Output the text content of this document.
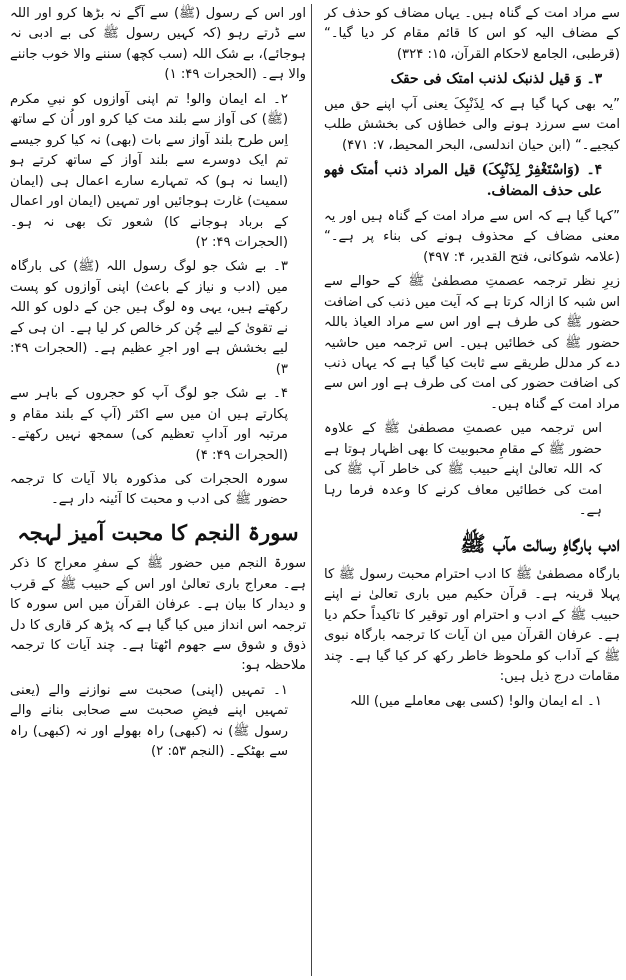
سے مراد امت کے گناہ ہیں۔ یہاں مضاف کو حذف کر کے مضاف الیہ کو اس کا قائم مقام کر دیا گیا۔“ (قرطبی، الجامع لاحکام القرآن، ۱۵: ۳۲۴)

۳۔ وَ قیل لذنبک لذنب امتک فی حقک

”یہ بھی کہا گیا ہے کہ لِذَنْبِکَ یعنی آپ اپنے حق میں امت سے سرزد ہونے والی خطاؤں کی بخشش طلب کیجیے۔“ (ابن حیان اندلسی، البحر المحیط، ۷: ۴۷۱)

۴۔ (وَاسْتَغْفِرْ لِذَنْبِکَ) قیل المراد ذنب أمتک فھو علی حذف المضاف.

”کہا گیا ہے کہ اس سے مراد امت کے گناہ ہیں اور یہ معنی مضاف کے محذوف ہونے کی بناء پر ہے۔“ (علامہ شوکانی، فتح القدیر، ۴: ۴۹۷)

زیرِ نظر ترجمہ عصمتِ مصطفیٰ ﷺ کے حوالے سے اس شبہ کا ازالہ کرتا ہے کہ آیت میں ذنب کی اضافت حضور ﷺ کی طرف ہے اور اس سے مراد العیاذ باللہ حضور ﷺ کی خطائیں ہیں۔ اس ترجمہ میں حاشیہ دے کر مدلل طریقے سے ثابت کیا گیا ہے کہ یہاں ذنب کی اضافت حضور کی امت کی طرف ہے اور اس سے مراد امت کے گناہ ہیں۔

اس ترجمہ میں عصمتِ مصطفیٰ ﷺ کے علاوہ حضور ﷺ کے مقامِ محبوبیت کا بھی اظہار ہوتا ہے کہ اللہ تعالیٰ اپنے حبیب ﷺ کی خاطر آپ ﷺ کی امت کی خطائیں معاف کرنے کا وعدہ فرما رہا ہے۔

ادب بارگاہِ رسالت مآب ﷺ

بارگاہ مصطفیٰ ﷺ کا ادب احترام محبت رسول ﷺ کا پہلا قرینہ ہے۔ قرآن حکیم میں باری تعالیٰ نے اپنے حبیب ﷺ کے ادب و احترام اور توقیر کا تاکیداً حکم دیا ہے۔ عرفان القرآن میں ان آیات کا ترجمہ بارگاہ نبوی ﷺ کے آداب کو ملحوظ خاطر رکھ کر کیا گیا ہے۔ چند مقامات درج ذیل ہیں:

۱۔ اے ایمان والو! (کسی بھی معاملے میں) اللہ

اور اس کے رسول (ﷺ) سے آگے نہ بڑھا کرو اور اللہ سے ڈرتے رہو (کہ کہیں رسول ﷺ کی بے ادبی نہ ہوجائے)، بے شک اللہ (سب کچھ) سننے والا خوب جاننے والا ہے۔ (الحجرات ۴۹: ۱)

۲۔ اے ایمان والو! تم اپنی آوازوں کو نبیِ مکرم (ﷺ) کی آواز سے بلند مت کیا کرو اور اُن کے ساتھ اِس طرح بلند آواز سے بات (بھی) نہ کیا کرو جیسے تم ایک دوسرے سے بلند آواز کے ساتھ کرتے ہو (ایسا نہ ہو) کہ تمہارے سارے اعمال ہی (ایمان سمیت) غارت ہوجائیں اور تمہیں (ایمان اور اعمال کے برباد ہوجانے کا) شعور تک بھی نہ ہو۔ (الحجرات ۴۹: ۲)

۳۔ بے شک جو لوگ رسول اللہ (ﷺ) کی بارگاہ میں (ادب و نیاز کے باعث) اپنی آوازوں کو پست رکھتے ہیں، یہی وہ لوگ ہیں جن کے دلوں کو اللہ نے تقویٰ کے لیے چُن کر خالص کر لیا ہے۔ ان ہی کے لیے بخشش ہے اور اجرِ عظیم ہے۔ (الحجرات ۴۹: ۳)

۴۔ بے شک جو لوگ آپ کو حجروں کے باہر سے پکارتے ہیں ان میں سے اکثر (آپ کے بلند مقام و مرتبہ اور آدابِ تعظیم کی) سمجھ نہیں رکھتے۔ (الحجرات ۴۹: ۴)

سورہ الحجرات کی مذکورہ بالا آیات کا ترجمہ حضور ﷺ کی ادب و محبت کا آئینہ دار ہے۔

سورۃ النجم کا محبت آمیز لہجہ

سورۃ النجم میں حضور ﷺ کے سفرِ معراج کا ذکر ہے۔ معراج باری تعالیٰ اور اس کے حبیب ﷺ کے قرب و دیدار کا بیان ہے۔ عرفان القرآن میں اس سورہ کا ترجمہ اس انداز میں کیا گیا ہے کہ پڑھ کر قاری کا دل ذوق و شوق سے جھوم اٹھتا ہے۔ چند آیات کا ترجمہ ملاحظہ ہو:

۱۔ تمہیں (اپنی) صحبت سے نوازنے والے (یعنی تمہیں اپنے فیضِ صحبت سے صحابی بنانے والے رسول ﷺ) نہ (کبھی) راہ بھولے اور نہ (کبھی) راہ سے بھٹکے۔ (النجم ۵۳: ۲)
